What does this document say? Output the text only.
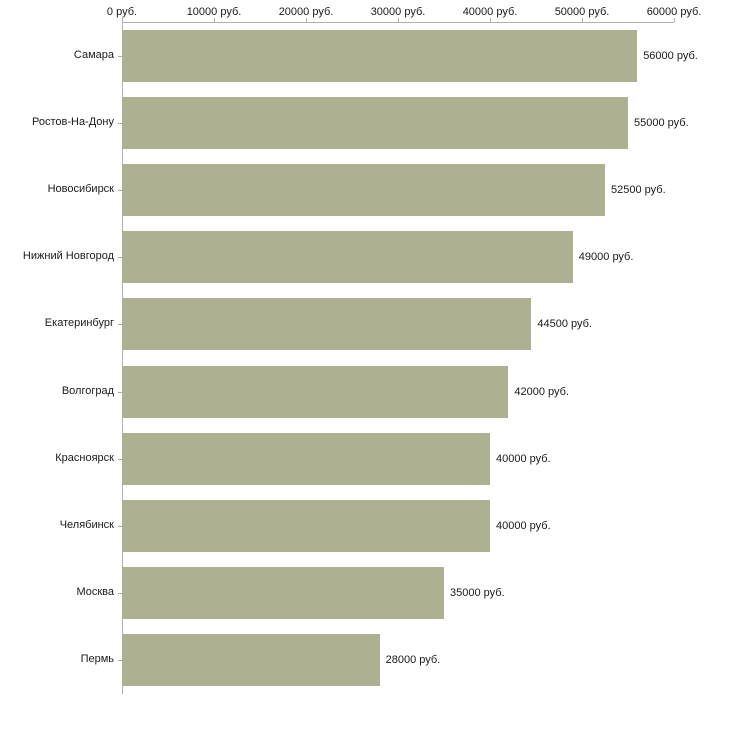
0 руб.	10000 руб.	20000 руб.	30000 руб.	40000 руб.	50000 руб.	60000 руб.
Самара
Ростов-На-Дону
Новосибирск
Нижний Новгород
Екатеринбург
Волгоград
Красноярск
Челябинск
Москва
Пермь
56000 руб.
55000 руб.
52500 руб.
49000 руб.
44500 руб.
42000 руб.
40000 руб.
40000 руб.
35000 руб.
28000 руб.
